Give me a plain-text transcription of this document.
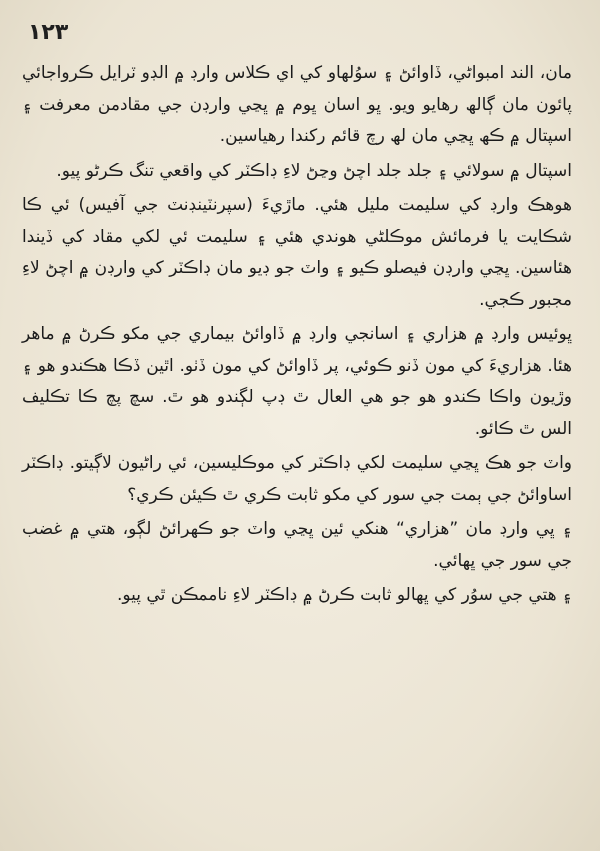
١٢٣

مان، الند امبواڻي، ڏاوائڻ ۽ سوُلهاو کي اي ڪلاس وارڊ ۾ الڊو ٽرايل ڪرواجائي پائون مان ڳالھ رھايو ويو. ڀو اسان ڀوم ۾ ڀڃي وارڊن جي مقادمن معرفت ۽ اسپتال ۾ ڪھ ڀڃي مان لھ رچ قائم رکندا رھياسين.

اسپتال ۾ سولائي ۽ جلد جلد اچڻ وڃڻ لاءِ ڊاڪٽر کي واقعي تنگ ڪرڻو پيو.

ھوھڪ وارڊ کي سليمت مليل ھئي. ماڙيءَ (سپرنٽينڊنٽ جي آفيس) ئي ڪا شڪايت يا فرمائش موڪلڻي ھوندي ھئي ۽ سليمت ئي لکي مقاد کي ڏيندا ھئاسين. ڀڃي وارڊن فيصلو ڪيو ۽ واٽ جو ڊيو مان ڊاڪٽر کي وارڊن ۾ اچڻ لاءِ مجبور ڪجي.

ڀوئيس وارڊ ۾ ھزاري ۽ اسانجي وارڊ ۾ ڏاوائڻ بيماري جي مکو ڪرڻ ۾ ماھر ھئا. ھزاريءَ کي مون ڏنو ڪوئي، پر ڏاوائڻ کي مون ڏٺو. اٿين ڏڪا ھڪندو ھو ۽ وڙيون واڪا ڪندو ھو جو ھي العال ٿ ڊپ لڳندو ھو ٿ. سچ پچ ڪا تڪليف الس ٿ ڪائو.

واٽ جو ھڪ ڀڃي سليمت لکي ڊاڪٽر کي موڪليسين، ئي راڻيون لاڳيتو. ڊاڪٽر اساوائڻ جي ٻمت جي سور کي مکو ثابت ڪري ٿ ڪيئن ڪري؟

۽ ڀي وارڊ مان ”ھزاري“ ھنکي ئين ڀڃي واٽ جو ڪھرائڻ لڳو، ھتي ۾ غضب جي سور جي ڀھائي.

۽ ھتي جي سوُر کي ڀھالو ثابت ڪرڻ ۾ ڊاڪٽر لاءِ ناممڪن ٿي پيو.
